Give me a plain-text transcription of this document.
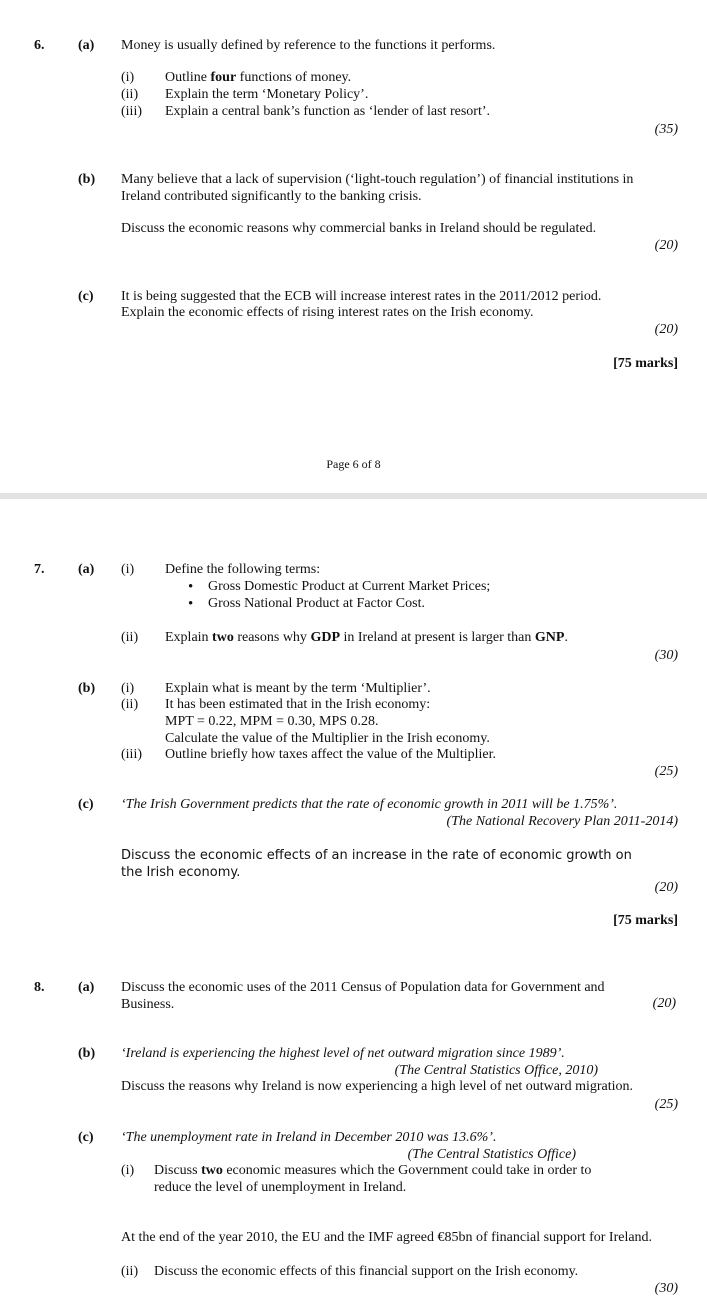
6. (a) Money is usually defined by reference to the functions it performs.
(i) Outline four functions of money.
(ii) Explain the term ‘Monetary Policy’.
(iii) Explain a central bank’s function as ‘lender of last resort’.
(35)
(b) Many believe that a lack of supervision (‘light-touch regulation’) of financial institutions in Ireland contributed significantly to the banking crisis.
Discuss the economic reasons why commercial banks in Ireland should be regulated.
(20)
(c) It is being suggested that the ECB will increase interest rates in the 2011/2012 period.
Explain the economic effects of rising interest rates on the Irish economy.
(20)
[75 marks]
Page 6 of 8
7. (a) (i) Define the following terms:
• Gross Domestic Product at Current Market Prices;
• Gross National Product at Factor Cost.
(ii) Explain two reasons why GDP in Ireland at present is larger than GNP.
(30)
(b) (i) Explain what is meant by the term ‘Multiplier’.
(ii) It has been estimated that in the Irish economy:
MPT = 0.22, MPM = 0.30, MPS 0.28.
Calculate the value of the Multiplier in the Irish economy.
(iii) Outline briefly how taxes affect the value of the Multiplier.
(25)
(c) ‘The Irish Government predicts that the rate of economic growth in 2011 will be 1.75%’.
(The National Recovery Plan 2011-2014)
Discuss the economic effects of an increase in the rate of economic growth on the Irish economy.
(20)
[75 marks]
8. (a) Discuss the economic uses of the 2011 Census of Population data for Government and Business.	(20)
(b) ‘Ireland is experiencing the highest level of net outward migration since 1989’.
(The Central Statistics Office, 2010)
Discuss the reasons why Ireland is now experiencing a high level of net outward migration.
(25)
(c) ‘The unemployment rate in Ireland in December 2010 was 13.6%’.
(The Central Statistics Office)
(i) Discuss two economic measures which the Government could take in order to reduce the level of unemployment in Ireland.
At the end of the year 2010, the EU and the IMF agreed €85bn of financial support for Ireland.
(ii) Discuss the economic effects of this financial support on the Irish economy.
(30)
